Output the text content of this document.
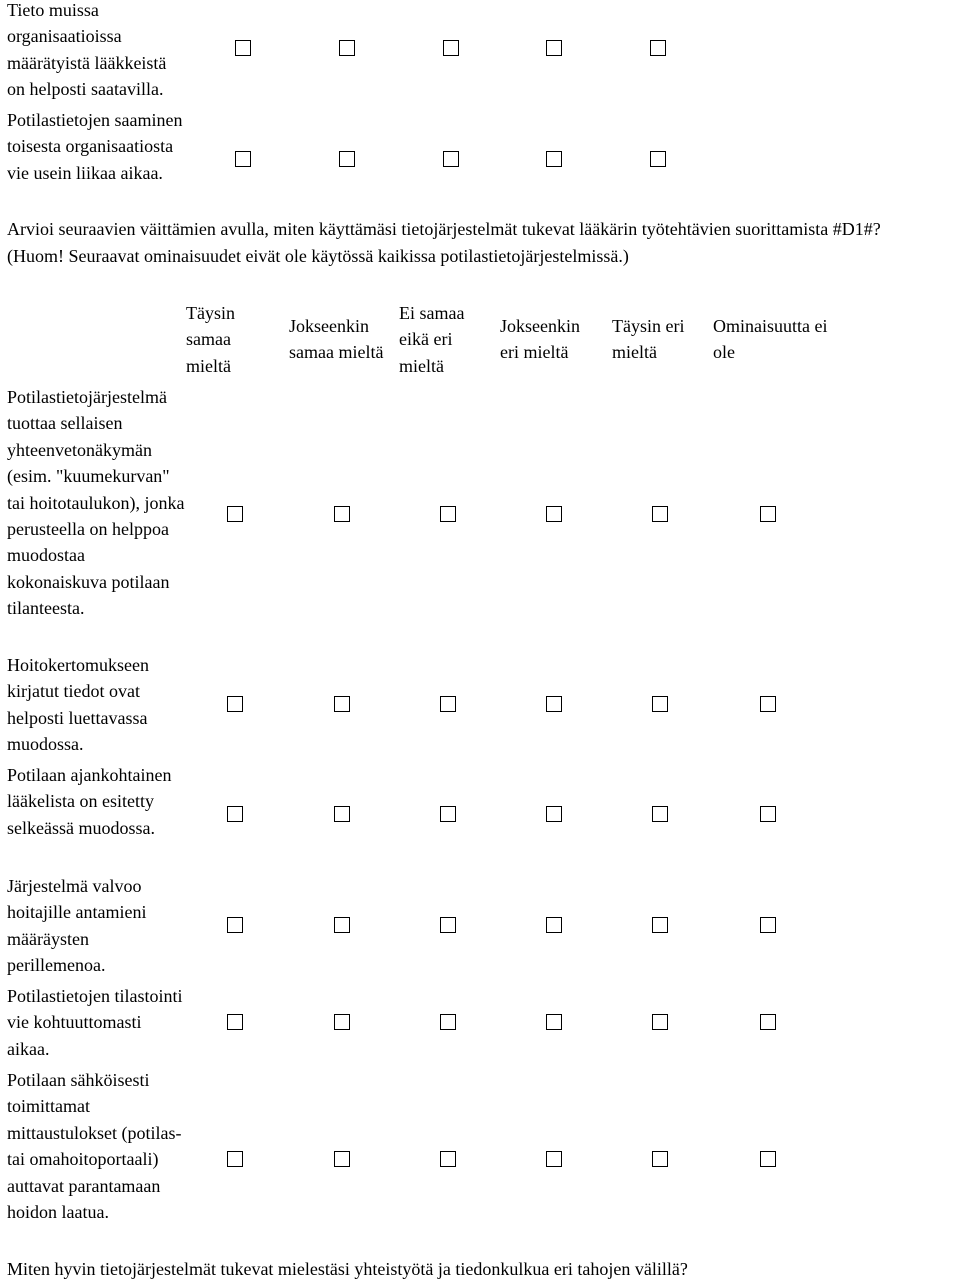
Tieto muissa organisaatioissa määrätyistä lääkkeistä on helposti saatavilla.
Potilastietojen saaminen toisesta organisaatiosta vie usein liikaa aikaa.
Arvioi seuraavien väittämien avulla, miten käyttämäsi tietojärjestelmät tukevat lääkärin työtehtävien suorittamista #D1#?
(Huom! Seuraavat ominaisuudet eivät ole käytössä kaikissa potilastietojärjestelmissä.)
Täysin samaa mieltä
Jokseenkin samaa mieltä
Ei samaa eikä eri mieltä
Jokseenkin eri mieltä
Täysin eri mieltä
Ominaisuutta ei ole
Potilastietojärjestelmä tuottaa sellaisen yhteenvetonäkymän (esim. "kuumekurvan" tai hoitotaulukon), jonka perusteella on helppoa muodostaa kokonaiskuva potilaan tilanteesta.
Hoitokertomukseen kirjatut tiedot ovat helposti luettavassa muodossa.
Potilaan ajankohtainen lääkelista on esitetty selkeässä muodossa.
Järjestelmä valvoo hoitajille antamieni määräysten perillemenoa.
Potilastietojen tilastointi vie kohtuuttomasti aikaa.
Potilaan sähköisesti toimittamat mittaustulokset (potilas- tai omahoitoportaali) auttavat parantamaan hoidon laatua.
Miten hyvin tietojärjestelmät tukevat mielestäsi yhteistyötä ja tiedonkulkua eri tahojen välillä?
